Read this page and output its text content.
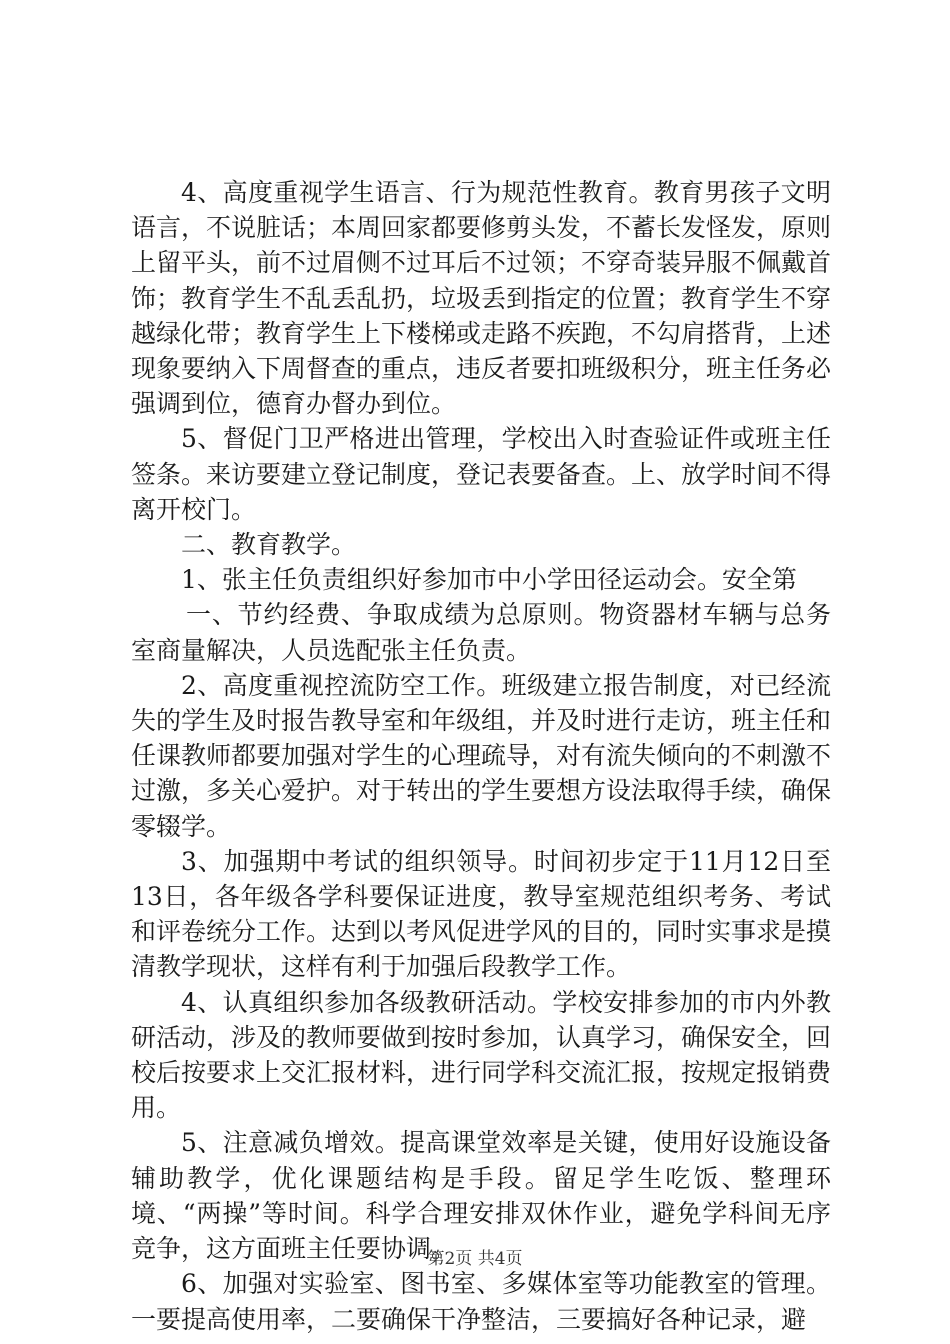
4、高度重视学生语言、行为规范性教育。教育男孩子文明语言，不说脏话；本周回家都要修剪头发，不蓄长发怪发，原则上留平头，前不过眉侧不过耳后不过领；不穿奇装异服不佩戴首饰；教育学生不乱丢乱扔，垃圾丢到指定的位置；教育学生不穿越绿化带；教育学生上下楼梯或走路不疾跑，不勾肩搭背，上述现象要纳入下周督查的重点，违反者要扣班级积分，班主任务必强调到位，德育办督办到位。

5、督促门卫严格进出管理，学校出入时查验证件或班主任签条。来访要建立登记制度，登记表要备查。上、放学时间不得离开校门。

二、教育教学。

1、张主任负责组织好参加市中小学田径运动会。安全第

一、节约经费、争取成绩为总原则。物资器材车辆与总务室商量解决，人员选配张主任负责。

2、高度重视控流防空工作。班级建立报告制度，对已经流失的学生及时报告教导室和年级组，并及时进行走访，班主任和任课教师都要加强对学生的心理疏导，对有流失倾向的不刺激不过激，多关心爱护。对于转出的学生要想方设法取得手续，确保零辍学。

3、加强期中考试的组织领导。时间初步定于11月12日至13日，各年级各学科要保证进度，教导室规范组织考务、考试和评卷统分工作。达到以考风促进学风的目的，同时实事求是摸清教学现状，这样有利于加强后段教学工作。

4、认真组织参加各级教研活动。学校安排参加的市内外教研活动，涉及的教师要做到按时参加，认真学习，确保安全，回校后按要求上交汇报材料，进行同学科交流汇报，按规定报销费用。

5、注意减负增效。提高课堂效率是关键，使用好设施设备辅助教学，优化课题结构是手段。留足学生吃饭、整理环境、“两操”等时间。科学合理安排双休作业，避免学科间无序竞争，这方面班主任要协调。

6、加强对实验室、图书室、多媒体室等功能教室的管理。一要提高使用率，二要确保干净整洁，三要搞好各种记录，避

第2页 共4页
